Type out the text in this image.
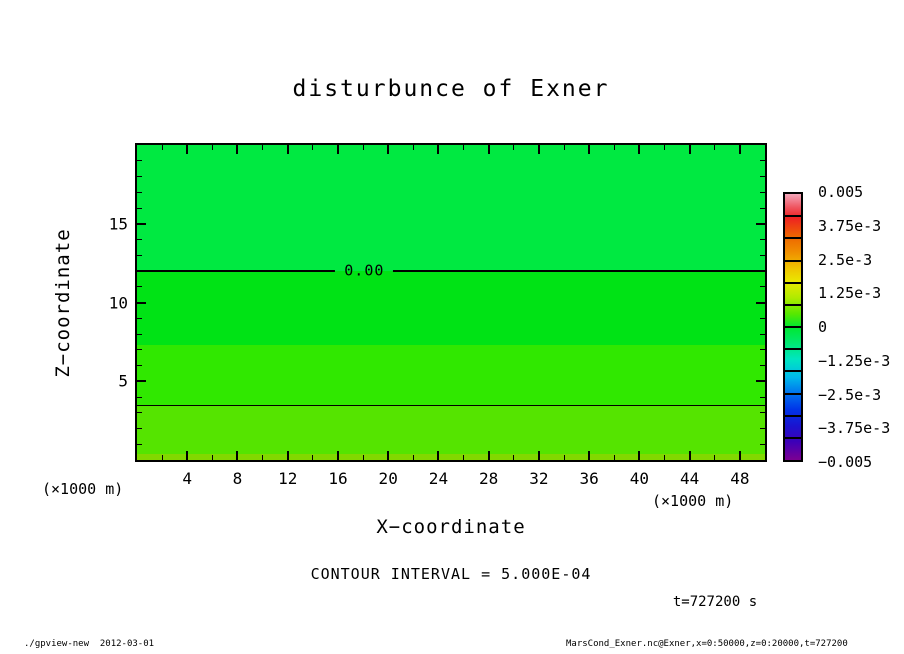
disturbunce of Exner
Z−coordinate	0.00
4	8 12 16 20 24 28 32 36 40 44 48
5
10
15
(×1000 m)
(×1000 m)
X−coordinate
0.005
3.75e-3
2.5e-3
1.25e-3
0
−1.25e-3
−2.5e-3
−3.75e-3
−0.005
CONTOUR INTERVAL = 5.000E-04
t=727200 s
./gpview-new  2012-03-01	MarsCond_Exner.nc@Exner,x=0:50000,z=0:20000,t=727200
